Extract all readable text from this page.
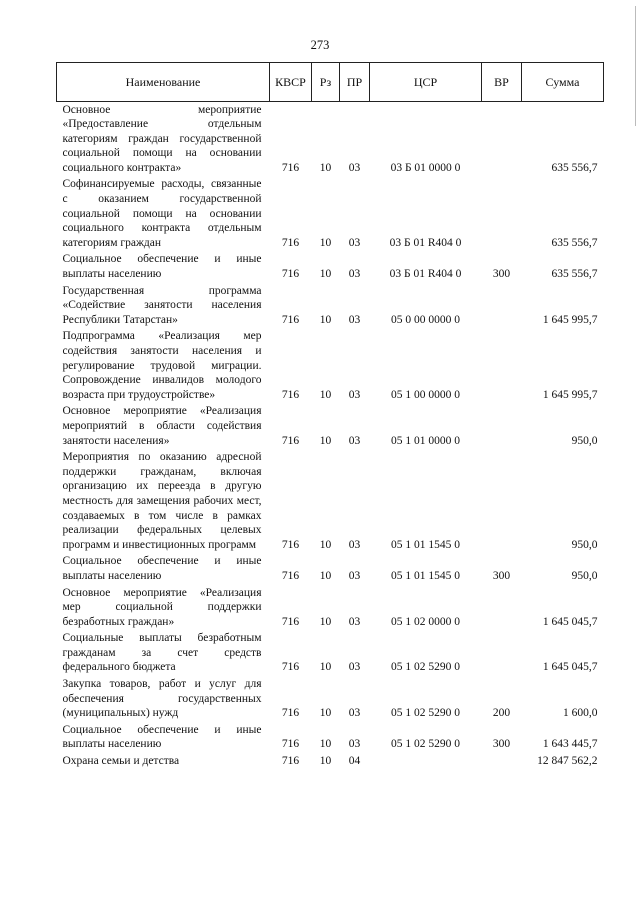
273
Наименование	КВСР	Рз	ПР	ЦСР	ВР	Сумма
Основное мероприятие «Предоставление отдельным категориям граждан государственной социальной помощи на основании социального контракта»	716	10	03	03 Б 01 0000 0		635 556,7
Софинансируемые расходы, связанные с оказанием государственной социальной помощи на основании социального контракта отдельным категориям граждан	716	10	03	03 Б 01 R404 0		635 556,7
Социальное обеспечение и иные выплаты населению	716	10	03	03 Б 01 R404 0	300	635 556,7
Государственная программа «Содействие занятости населения Республики Татарстан»	716	10	03	05 0 00 0000 0		1 645 995,7
Подпрограмма «Реализация мер содействия занятости населения и регулирование трудовой миграции. Сопровождение инвалидов молодого возраста при трудоустройстве»	716	10	03	05 1 00 0000 0		1 645 995,7
Основное мероприятие «Реализация мероприятий в области содействия занятости населения»	716	10	03	05 1 01 0000 0		950,0
Мероприятия по оказанию адресной поддержки гражданам, включая организацию их переезда в другую местность для замещения рабочих мест, создаваемых в том числе в рамках реализации федеральных целевых программ и инвестиционных программ	716	10	03	05 1 01 1545 0		950,0
Социальное обеспечение и иные выплаты населению	716	10	03	05 1 01 1545 0	300	950,0
Основное мероприятие «Реализация мер социальной поддержки безработных граждан»	716	10	03	05 1 02 0000 0		1 645 045,7
Социальные выплаты безработным гражданам за счет средств федерального бюджета	716	10	03	05 1 02 5290 0		1 645 045,7
Закупка товаров, работ и услуг для обеспечения государственных (муниципальных) нужд	716	10	03	05 1 02 5290 0	200	1 600,0
Социальное обеспечение и иные выплаты населению	716	10	03	05 1 02 5290 0	300	1 643 445,7
Охрана семьи и детства	716	10	04			12 847 562,2
